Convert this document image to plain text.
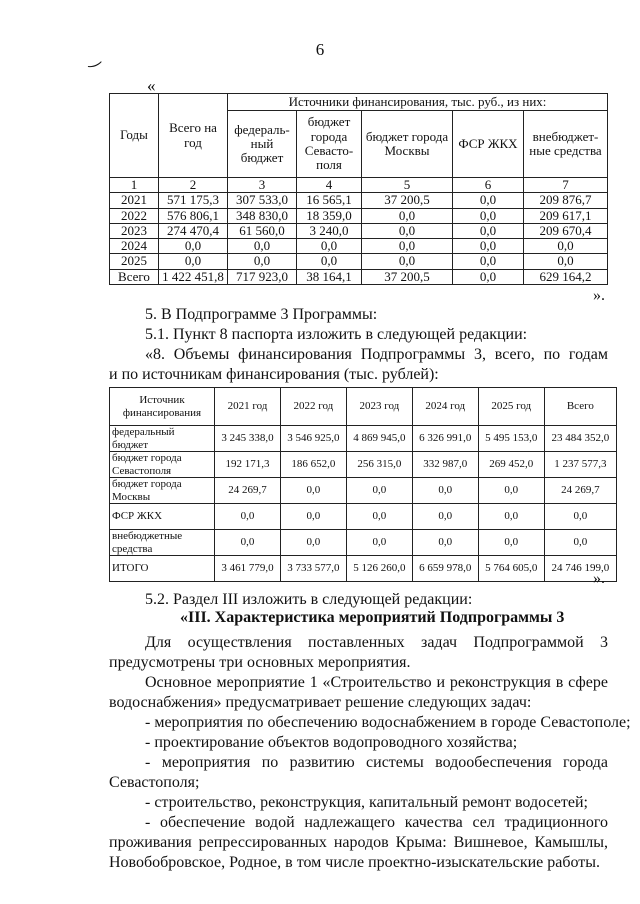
6
‿
«
Годы	Всего на год	Источники финансирования, тыс. руб., из них:				
		федераль-ный бюджет	бюджет города Севасто-поля	бюджет города Москвы	ФСР ЖКХ	внебюджет-ные средства
1	2	3	4	5	6	7
2021	571 175,3	307 533,0	16 565,1	37 200,5	0,0	209 876,7
2022	576 806,1	348 830,0	18 359,0	0,0	0,0	209 617,1
2023	274 470,4	61 560,0	3 240,0	0,0	0,0	209 670,4
2024	0,0	0,0	0,0	0,0	0,0	0,0
2025	0,0	0,0	0,0	0,0	0,0	0,0
Всего	1 422 451,8	717 923,0	38 164,1	37 200,5	0,0	629 164,2
».
5. В Подпрограмме 3 Программы:
5.1. Пункт 8 паспорта изложить в следующей редакции:
«8. Объемы финансирования Подпрограммы 3, всего, по годам
и по источникам финансирования (тыс. рублей):
Источник финансирования	2021 год	2022 год	2023 год	2024 год	2025 год	Всего
федеральный бюджет	3 245 338,0	3 546 925,0	4 869 945,0	6 326 991,0	5 495 153,0	23 484 352,0
бюджет города Севастополя	192 171,3	186 652,0	256 315,0	332 987,0	269 452,0	1 237 577,3
бюджет города Москвы	24 269,7	0,0	0,0	0,0	0,0	24 269,7
ФСР ЖКХ	0,0	0,0	0,0	0,0	0,0	0,0
внебюджетные средства	0,0	0,0	0,0	0,0	0,0	0,0
ИТОГО	3 461 779,0	3 733 577,0	5 126 260,0	6 659 978,0	5 764 605,0	24 746 199,0
».
5.2. Раздел III изложить в следующей редакции:
«III. Характеристика мероприятий Подпрограммы 3
Для осуществления поставленных задач Подпрограммой 3
предусмотрены три основных мероприятия.
Основное мероприятие 1 «Строительство и реконструкция в сфере
водоснабжения» предусматривает решение следующих задач:
- мероприятия по обеспечению водоснабжением в городе Севастополе;
- проектирование объектов водопроводного хозяйства;
- мероприятия по развитию системы водообеспечения города
Севастополя;
- строительство, реконструкция, капитальный ремонт водосетей;
- обеспечение водой надлежащего качества сел традиционного
проживания репрессированных народов Крыма: Вишневое, Камышлы,
Новобобровское, Родное, в том числе проектно-изыскательские работы.
